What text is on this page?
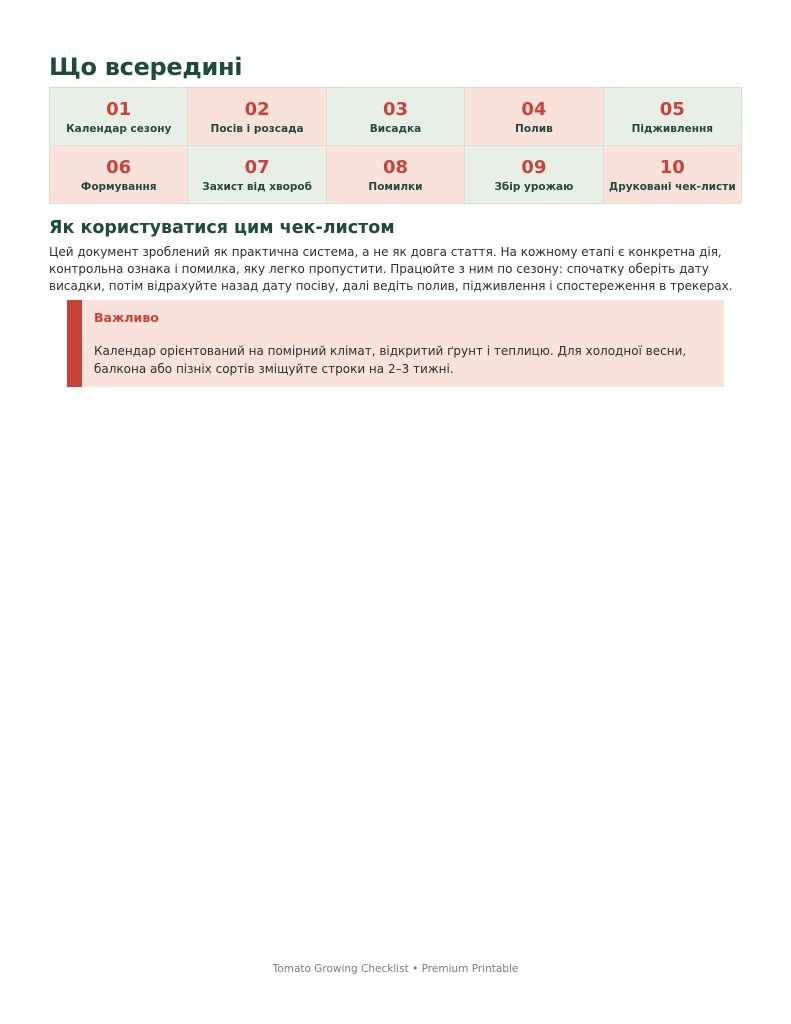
Що всередині
01
Календар сезону
02
Посів і розсада
03
Висадка
04
Полив
05
Підживлення
06
Формування
07
Захист від хвороб
08
Помилки
09
Збір урожаю
10
Друковані чек-листи
Як користуватися цим чек-листом

Цей документ зроблений як практична система, а не як довга стаття. На кожному етапі є конкретна дія, контрольна ознака і помилка, яку легко пропустити. Працюйте з ним по сезону: спочатку оберіть дату висадки, потім відрахуйте назад дату посіву, далі ведіть полив, підживлення і спостереження в трекерах.

Важливо
Календар орієнтований на помірний клімат, відкритий ґрунт і теплицю. Для холодної весни, балкона або пізніх сортів зміщуйте строки на 2–3 тижні.
Tomato Growing Checklist • Premium Printable
